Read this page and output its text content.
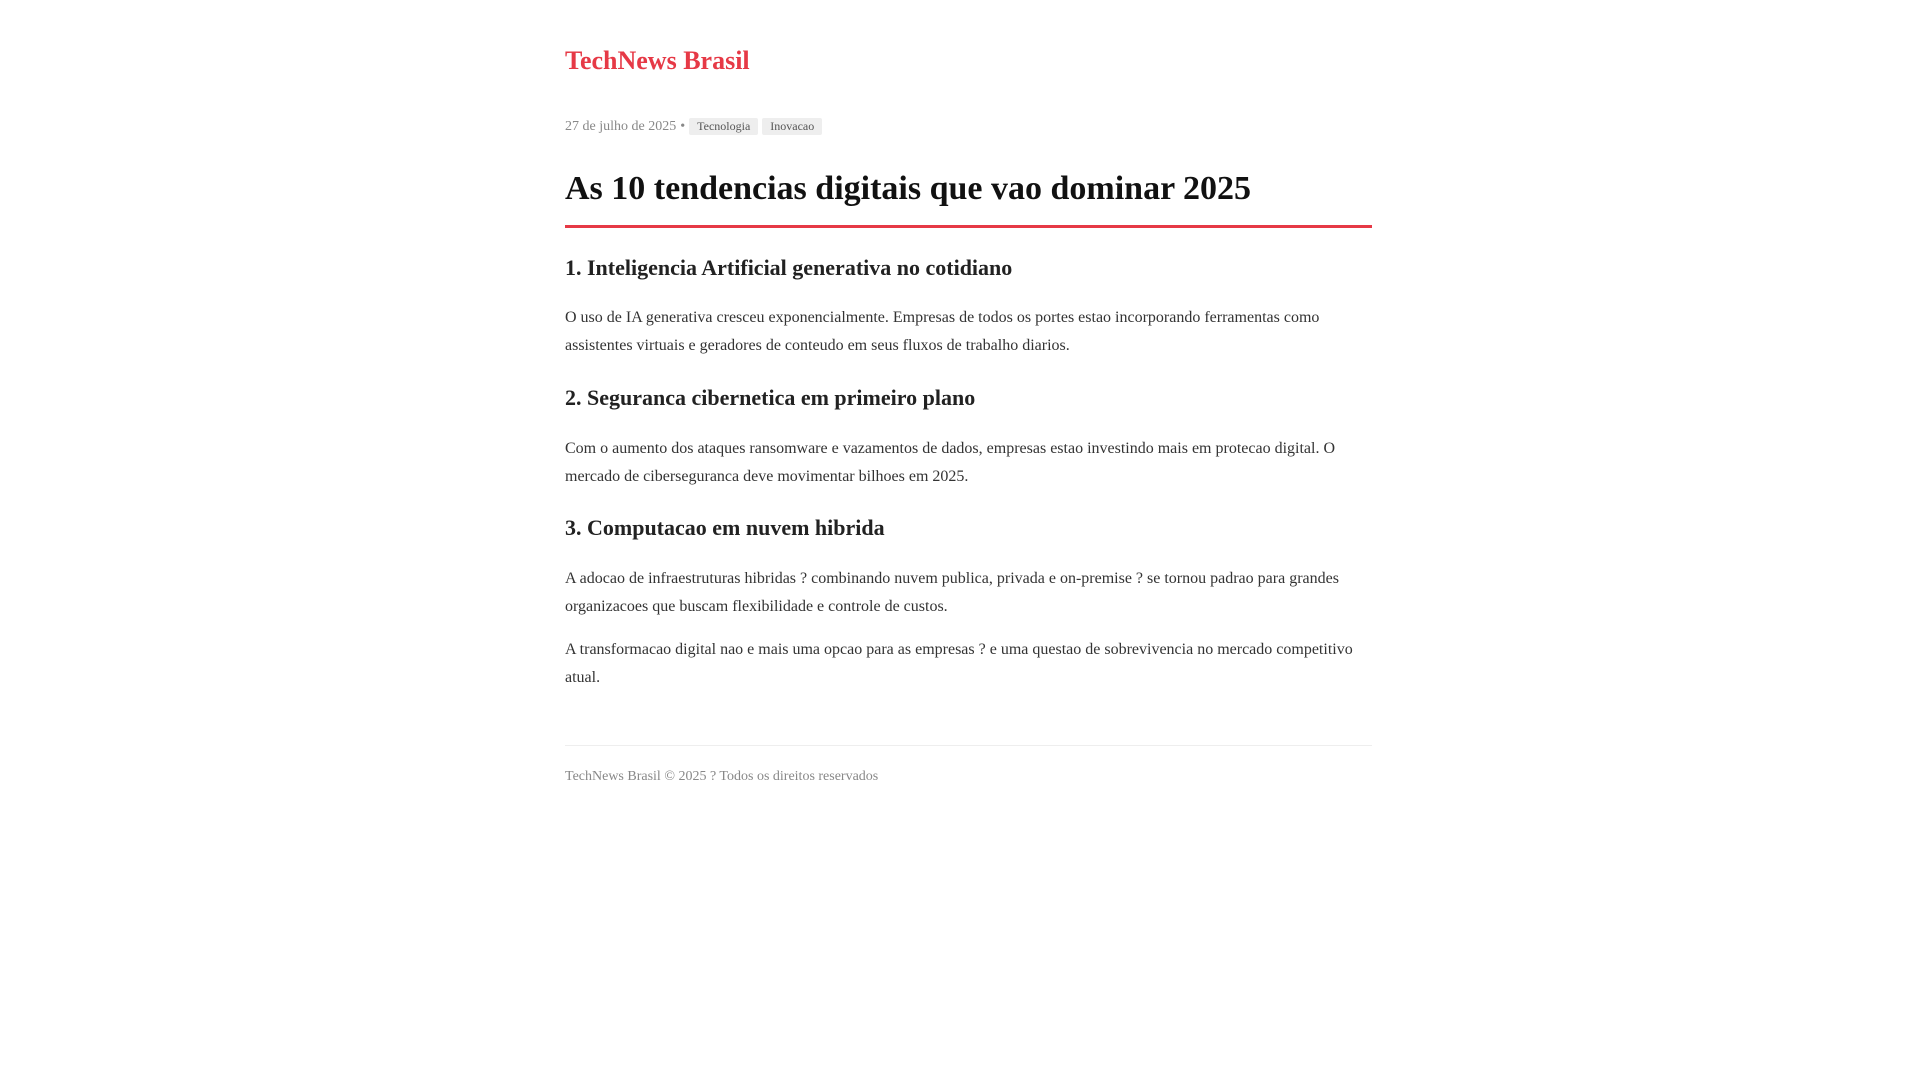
TechNews Brasil
27 de julho de 2025 •	Tecnologia	Inovacao
As 10 tendencias digitais que vao dominar 2025
1. Inteligencia Artificial generativa no cotidiano

O uso de IA generativa cresceu exponencialmente. Empresas de todos os portes estao incorporando ferramentas como assistentes virtuais e geradores de conteudo em seus fluxos de trabalho diarios.

2. Seguranca cibernetica em primeiro plano

Com o aumento dos ataques ransomware e vazamentos de dados, empresas estao investindo mais em protecao digital. O mercado de ciberseguranca deve movimentar bilhoes em 2025.

3. Computacao em nuvem hibrida

A adocao de infraestruturas hibridas ? combinando nuvem publica, privada e on-premise ? se tornou padrao para grandes organizacoes que buscam flexibilidade e controle de custos.

A transformacao digital nao e mais uma opcao para as empresas ? e uma questao de sobrevivencia no mercado competitivo atual.

TechNews Brasil © 2025 ? Todos os direitos reservados
